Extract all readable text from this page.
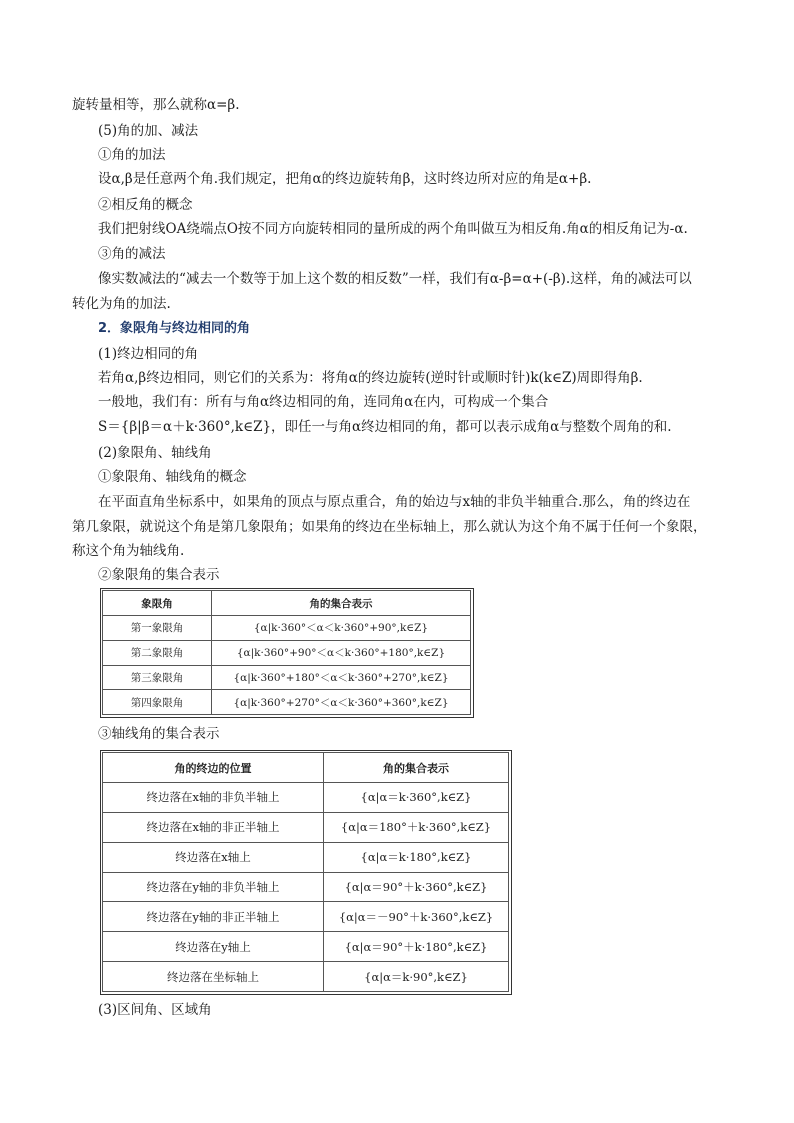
旋转量相等，那么就称α=β.
(5)角的加、减法
①角的加法
设α,β是任意两个角.我们规定，把角α的终边旋转角β，这时终边所对应的角是α+β.
②相反角的概念
我们把射线OA绕端点O按不同方向旋转相同的量所成的两个角叫做互为相反角.角α的相反角记为-α.
③角的减法
像实数减法的“减去一个数等于加上这个数的相反数”一样，我们有α-β=α+(-β).这样，角的减法可以
转化为角的加法.
2．象限角与终边相同的角
(1)终边相同的角
若角α,β终边相同，则它们的关系为：将角α的终边旋转(逆时针或顺时针)k(k∈Z)周即得角β.
一般地，我们有：所有与角α终边相同的角，连同角α在内，可构成一个集合
S＝{β|β＝α＋k·360°,k∈Z}，即任一与角α终边相同的角，都可以表示成角α与整数个周角的和.
(2)象限角、轴线角
①象限角、轴线角的概念
在平面直角坐标系中，如果角的顶点与原点重合，角的始边与x轴的非负半轴重合.那么，角的终边在
第几象限，就说这个角是第几象限角；如果角的终边在坐标轴上，那么就认为这个角不属于任何一个象限，
称这个角为轴线角.
②象限角的集合表示
象限角	角的集合表示
第一象限角	{α|k·360°＜α＜k·360°+90°,k∈Z}
第二象限角	{α|k·360°+90°＜α＜k·360°+180°,k∈Z}
第三象限角	{α|k·360°+180°＜α＜k·360°+270°,k∈Z}
第四象限角	{α|k·360°+270°＜α＜k·360°+360°,k∈Z}
③轴线角的集合表示
角的终边的位置	角的集合表示
终边落在x轴的非负半轴上	{α|α＝k·360°,k∈Z}
终边落在x轴的非正半轴上	{α|α＝180°＋k·360°,k∈Z}
终边落在x轴上	{α|α＝k·180°,k∈Z}
终边落在y轴的非负半轴上	{α|α＝90°＋k·360°,k∈Z}
终边落在y轴的非正半轴上	{α|α＝－90°＋k·360°,k∈Z}
终边落在y轴上	{α|α＝90°＋k·180°,k∈Z}
终边落在坐标轴上	{α|α＝k·90°,k∈Z}
(3)区间角、区域角
